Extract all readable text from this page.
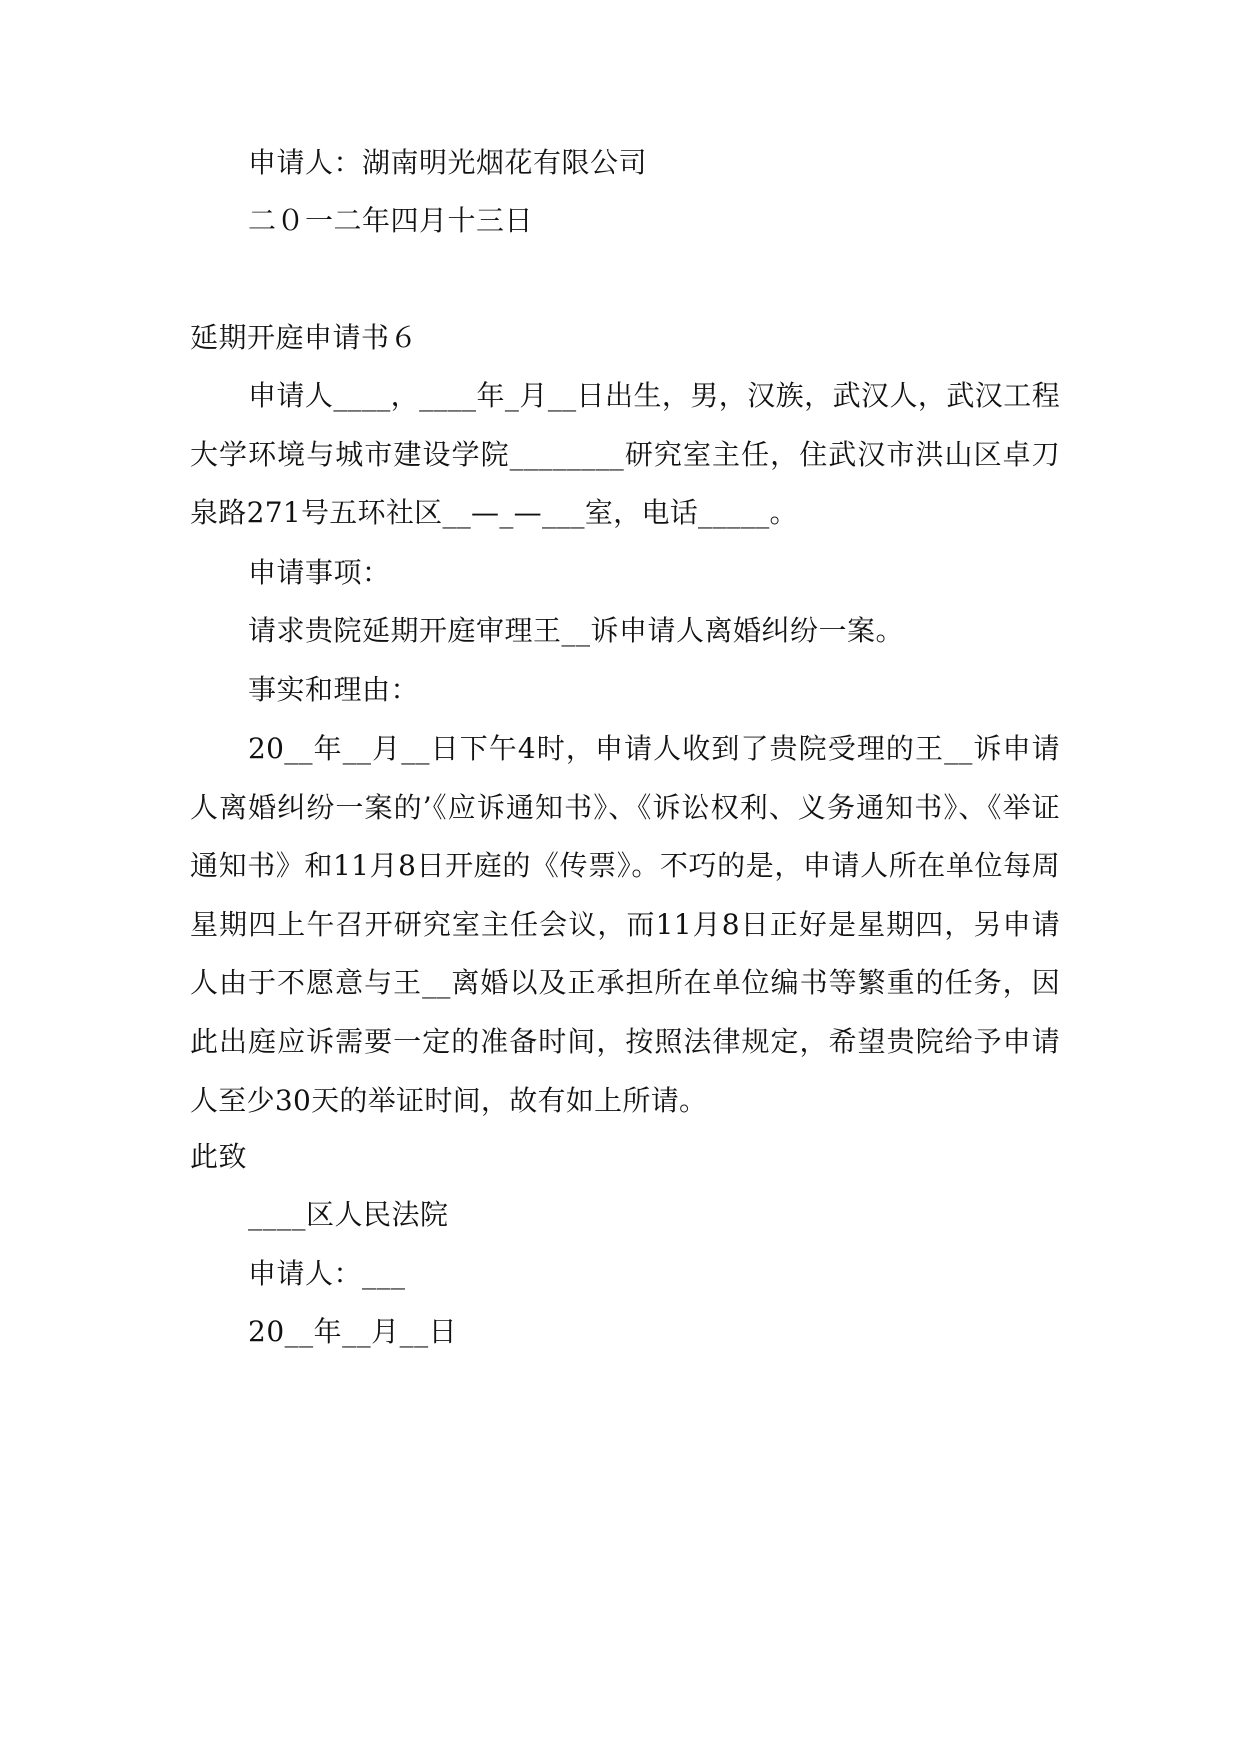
申请人：湖南明光烟花有限公司
二０一二年四月十三日
延期开庭申请书６
申请人____，____年_月__日出生，男，汉族，武汉人，武汉工程大学环境与城市建设学院________研究室主任，住武汉市洪山区卓刀泉路271号五环社区__—_—___室，电话_____。
申请事项：
请求贵院延期开庭审理王__诉申请人离婚纠纷一案。
事实和理由：
20__年__月__日下午4时，申请人收到了贵院受理的王__诉申请人离婚纠纷一案的’《应诉通知书》、《诉讼权利、义务通知书》、《举证通知书》和11月8日开庭的《传票》。不巧的是，申请人所在单位每周星期四上午召开研究室主任会议，而11月8日正好是星期四，另申请人由于不愿意与王__离婚以及正承担所在单位编书等繁重的任务，因此出庭应诉需要一定的准备时间，按照法律规定，希望贵院给予申请人至少30天的举证时间，故有如上所请。
此致
____区人民法院
申请人：___
20__年__月__日
